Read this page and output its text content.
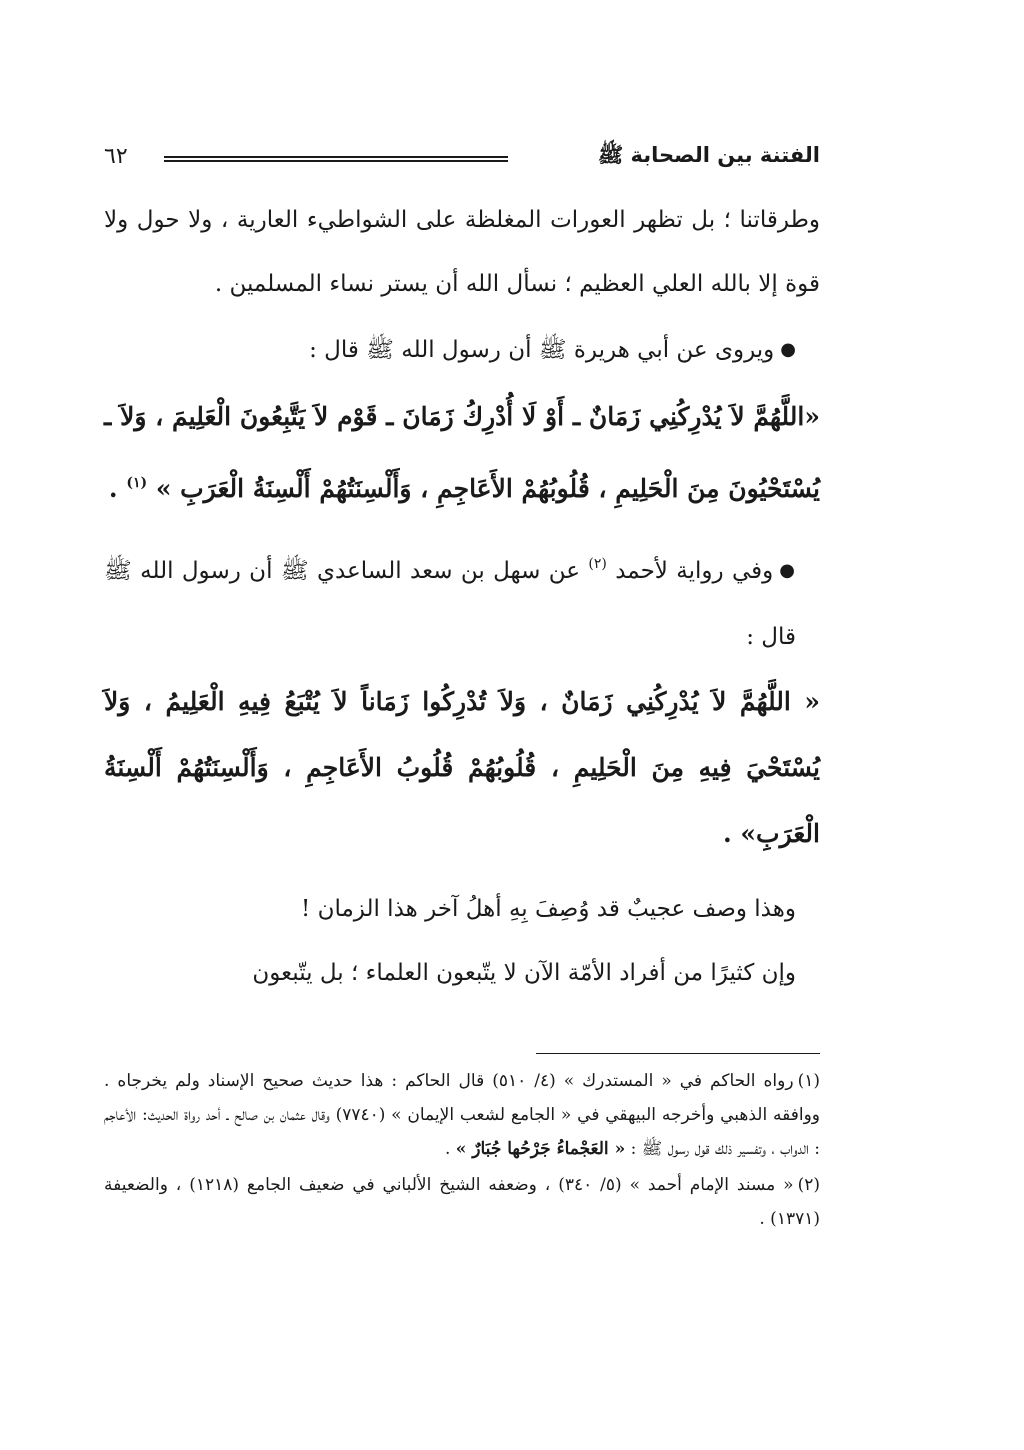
الفتنة بين الصحابة ﷺ
٦٢

وطرقاتنا ؛ بل تظهر العورات المغلظة على الشواطيء العارية ، ولا حول ولا قوة إلا بالله العلي العظيم ؛ نسأل الله أن يستر نساء المسلمين .

● ويروى عن أبي هريرة ﷺ أن رسول الله ﷺ قال :

«اللَّهُمَّ لاَ يُدْرِكُنِي زَمَانٌ ـ أَوْ لَا أُدْرِكُ زَمَانَ ـ قَوْم لاَ يَتَّبِعُونَ الْعَلِيمَ ، وَلاَ ـ يُسْتَحْيُونَ مِنَ الْحَلِيمِ ، قُلُوبُهُمْ الأَعَاجِمِ ، وَأَلْسِنَتُهُمْ أَلْسِنَةُ الْعَرَبِ » $^{(١)}$ .

● وفي رواية لأحمد $^{(٢)}$ عن سهل بن سعد الساعدي ﷺ أن رسول الله ﷺ قال :

« اللَّهُمَّ لاَ يُدْرِكُنِي زَمَانٌ ، وَلاَ تُدْرِكُوا زَمَاناً لاَ يُتْبَعُ فِيهِ الْعَلِيمُ ، وَلاَ يُسْتَحْيَ فِيهِ مِنَ الْحَلِيمِ ، قُلُوبُهُمْ قُلُوبُ الأَعَاجِمِ ، وَأَلْسِنَتُهُمْ أَلْسِنَةُ الْعَرَبِ» .

وهذا وصف عجيبٌ قد وُصِفَ بِهِ أهلُ آخر هذا الزمان !

وإن كثيرًا من أفراد الأمّة الآن لا يتّبعون العلماء ؛ بل يتّبعون

(١)رواه الحاكم في « المستدرك » (٤/ ٥١٠) قال الحاكم : هذا حديث صحيح الإسناد ولم يخرجاه . ووافقه الذهبي وأخرجه البيهقي في « الجامع لشعب الإيمان » (٧٧٤٠) وقال عثمان بن صالح ـ أحد رواة الحديث: الأعاجم : الدواب ، وتفسير ذلك قول رسول ﷺ : « العَجْماءُ جَرْحُها جُبَارٌ » .

(٢)« مسند الإمام أحمد » (٥/ ٣٤٠) ، وضعفه الشيخ الألباني في ضعيف الجامع (١٢١٨) ، والضعيفة (١٣٧١) .
